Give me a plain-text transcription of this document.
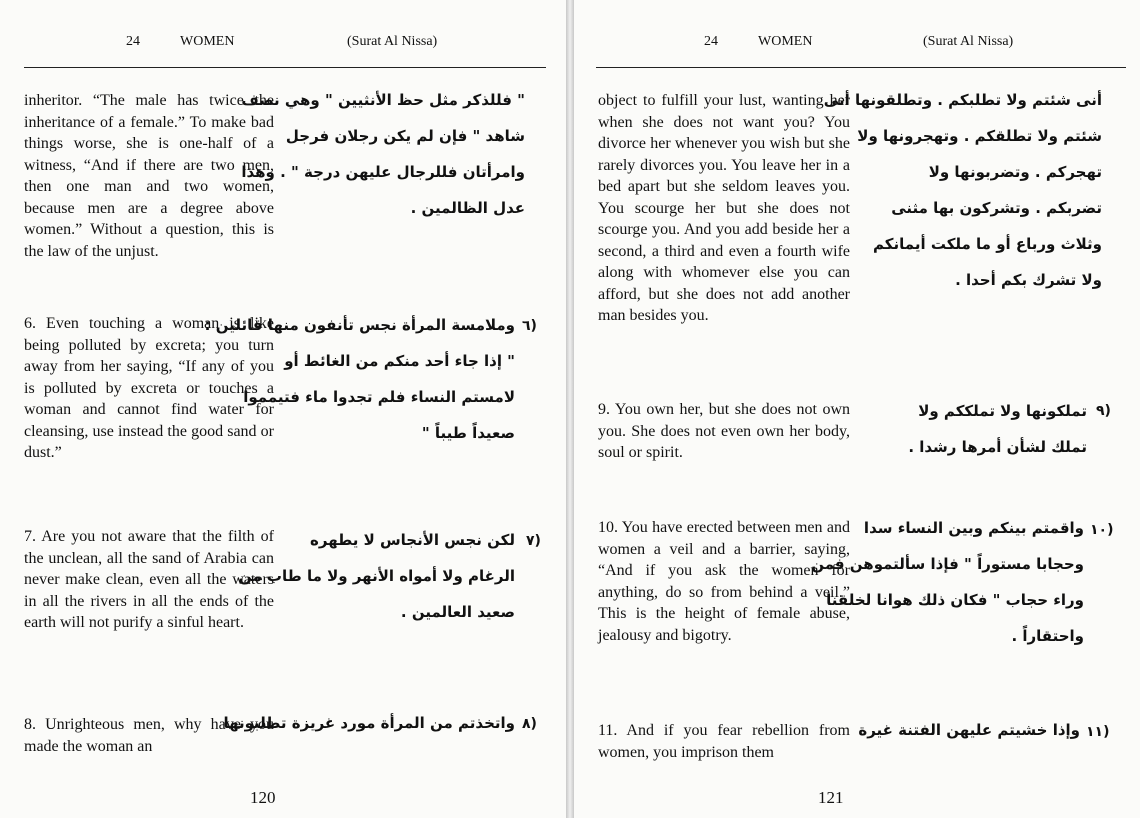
24	WOMEN	(Surat Al Nissa)
inheritor. “The male has twice the inheritance of a female.” To make bad things worse, she is one-half of a witness, “And if there are two men, then one man and two women, because men are a degree above women.” Without a question, this is the law of the unjust.
" فللذكر مثل حظ الأنثيين " وهي نصف
شاهد " فإن لم يكن رجلان فرجل
وامرأتان فللرجال عليهن درجة " . وهذا
عدل الظالمين .
6. Even touching a woman is like being polluted by excreta; you turn away from her saying, “If any of you is polluted by excreta or touches a woman and cannot find water for cleansing, use instead the good sand or dust.”
٦)
وملامسة المرأة نجس تأنفون منها قائلين :
" إذا جاء أحد منكم من الغائط أو
لامستم النساء فلم تجدوا ماء فتيمموا
صعيداً طيباً "
7. Are you not aware that the filth of the unclean, all the sand of Arabia can never make clean, even all the waters in all the rivers in all the ends of the earth will not purify a sinful heart.
٧)
لكن نجس الأنجاس لا يطهره
الرغام ولا أمواه الأنهر ولا ما طاب من
صعيد العالمين .
8. Unrighteous men, why have you made the woman an
٨)
واتخذتم من المرأة مورد غريزة تطلبونها
120
24	WOMEN	(Surat Al Nissa)
object to fulfill your lust, wanting her when she does not want you? You divorce her whenever you wish but she rarely divorces you. You leave her in a bed apart but she seldom leaves you. You scourge her but she does not scourge you. And you add beside her a second, a third and even a fourth wife along with whomever else you can afford, but she does not add another man besides you.
أنى شئتم ولا تطلبكم . وتطلقونها أنى
شئتم ولا تطلقكم . وتهجرونها ولا
تهجركم . وتضربونها ولا
تضربكم . وتشركون بها مثنى
وثلاث ورباع أو ما ملكت أيمانكم
ولا تشرك بكم أحدا .
9. You own her, but she does not own you. She does not even own her body, soul or spirit.
٩)
تملكونها ولا تملككم ولا
تملك لشأن أمرها رشدا .
10. You have erected between men and women a veil and a barrier, saying, “And if you ask the women for anything, do so from behind a veil.” This is the height of female abuse, jealousy and bigotry.
١٠)
واقمتم بينكم وبين النساء سدا
وحجابا مستوراً " فإذا سألتموهن فمن
وراء حجاب " فكان ذلك هوانا لخلقنا
واحتقاراً .
11. And if you fear rebellion from women, you imprison them
١١)
وإذا خشيتم عليهن الفتنة غيرة
121
